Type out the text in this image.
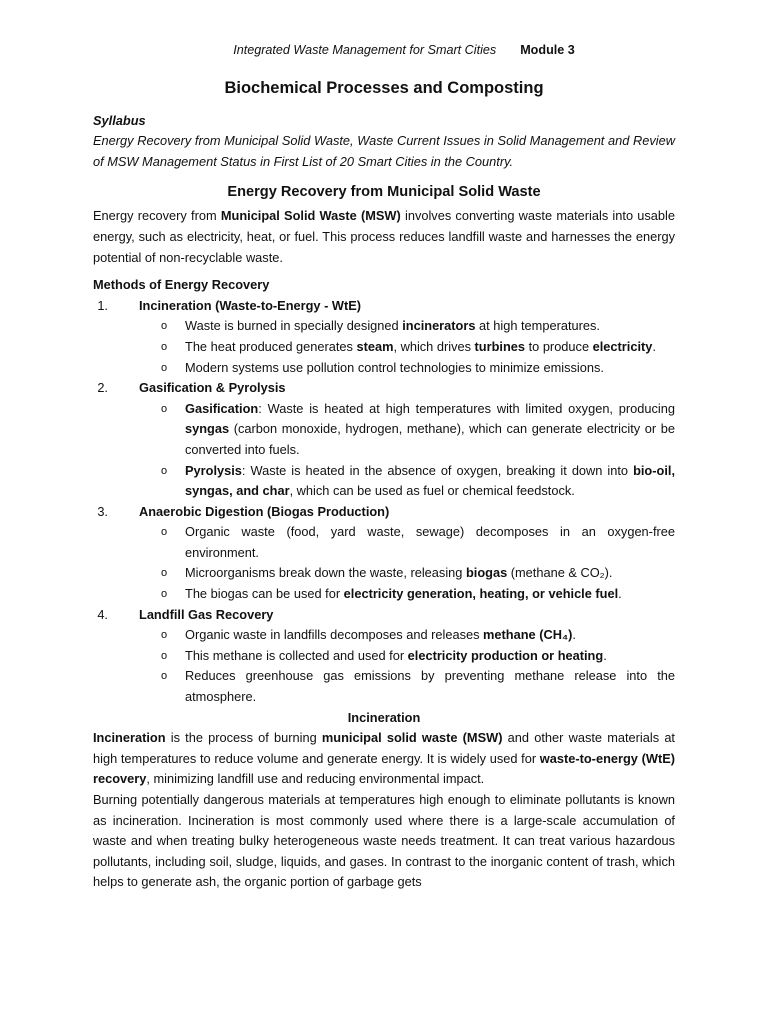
Integrated Waste Management for Smart Cities Module 3
Biochemical Processes and Composting
Syllabus

Energy Recovery from Municipal Solid Waste, Waste Current Issues in Solid Management and Review of MSW Management Status in First List of 20 Smart Cities in the Country.

Energy Recovery from Municipal Solid Waste

Energy recovery from Municipal Solid Waste (MSW) involves converting waste materials into usable energy, such as electricity, heat, or fuel. This process reduces landfill waste and harnesses the energy potential of non-recyclable waste.

Methods of Energy Recovery
1. Incineration (Waste-to-Energy - WtE)
o Waste is burned in specially designed incinerators at high temperatures.
o The heat produced generates steam, which drives turbines to produce electricity.
o Modern systems use pollution control technologies to minimize emissions.
2. Gasification & Pyrolysis
o Gasification: Waste is heated at high temperatures with limited oxygen, producing syngas (carbon monoxide, hydrogen, methane), which can generate electricity or be converted into fuels.
o Pyrolysis: Waste is heated in the absence of oxygen, breaking it down into bio-oil, syngas, and char, which can be used as fuel or chemical feedstock.
3. Anaerobic Digestion (Biogas Production)
o Organic waste (food, yard waste, sewage) decomposes in an oxygen-free environment.
o Microorganisms break down the waste, releasing biogas (methane & CO₂).
o The biogas can be used for electricity generation, heating, or vehicle fuel.
4. Landfill Gas Recovery
o Organic waste in landfills decomposes and releases methane (CH₄).
o This methane is collected and used for electricity production or heating.
o Reduces greenhouse gas emissions by preventing methane release into the atmosphere.
Incineration

Incineration is the process of burning municipal solid waste (MSW) and other waste materials at high temperatures to reduce volume and generate energy. It is widely used for waste-to-energy (WtE) recovery, minimizing landfill use and reducing environmental impact.

Burning potentially dangerous materials at temperatures high enough to eliminate pollutants is known as incineration. Incineration is most commonly used where there is a large-scale accumulation of waste and when treating bulky heterogeneous waste needs treatment. It can treat various hazardous pollutants, including soil, sludge, liquids, and gases. In contrast to the inorganic content of trash, which helps to generate ash, the organic portion of garbage gets
